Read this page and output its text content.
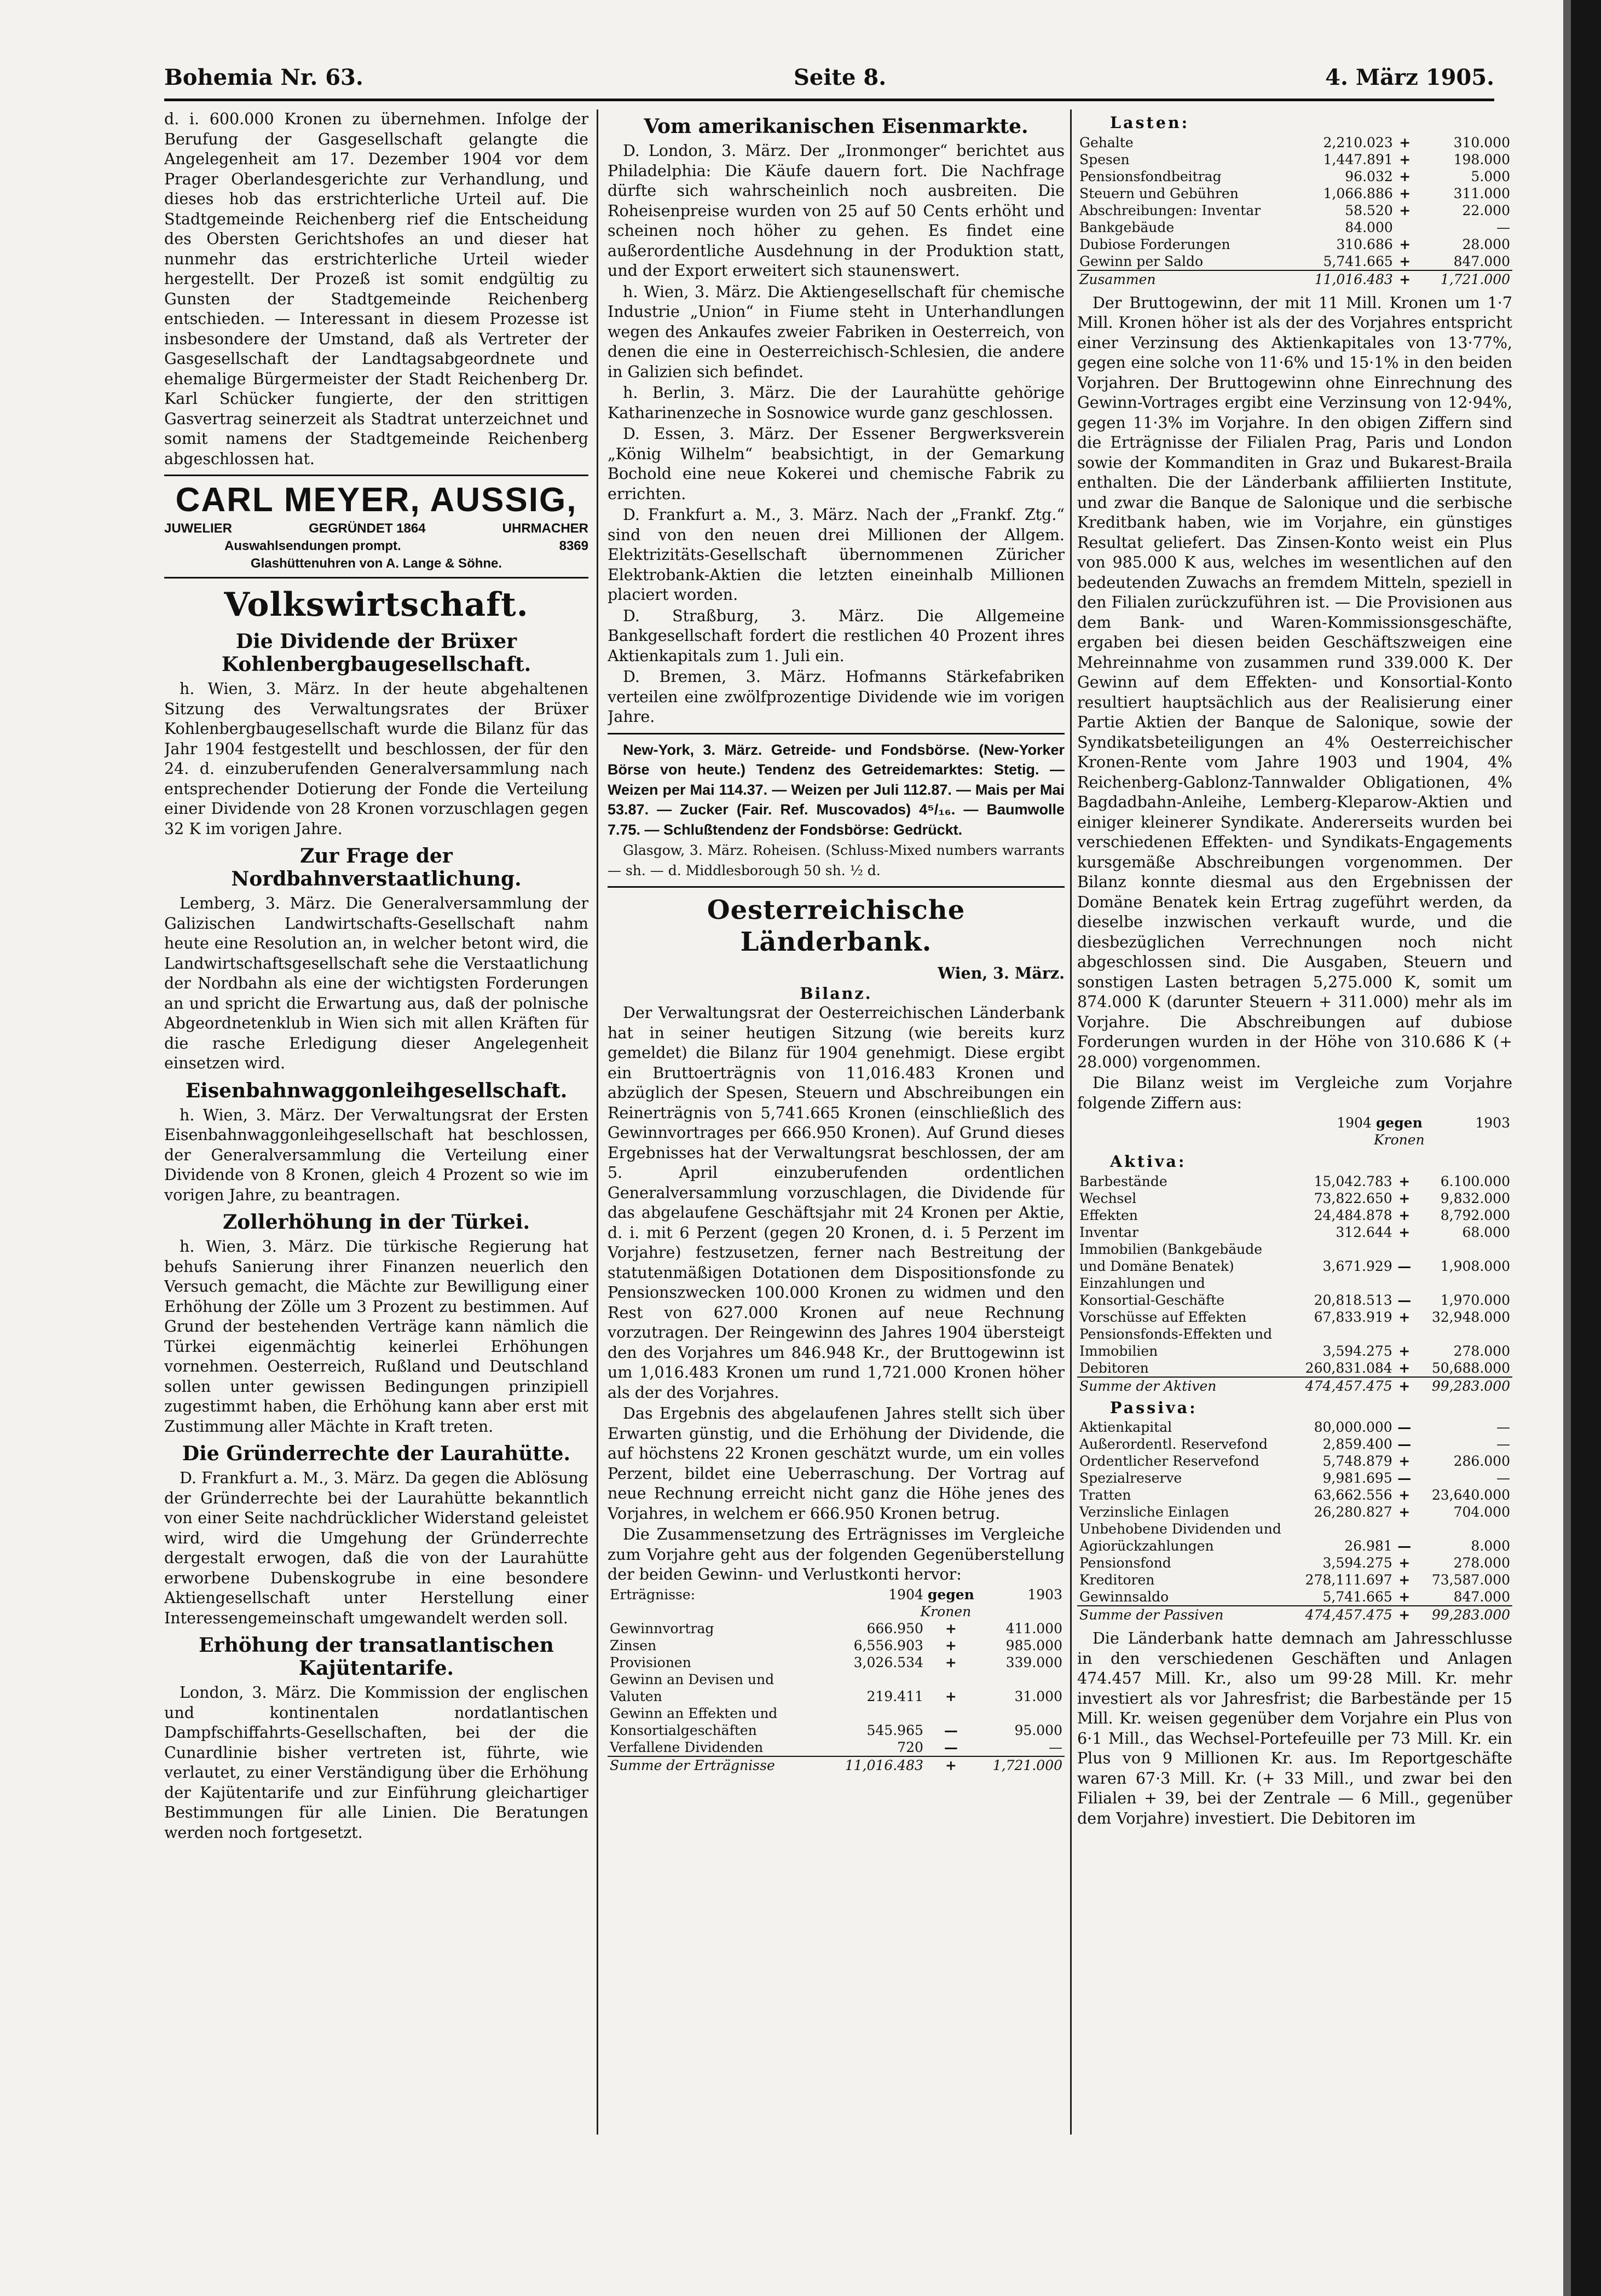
Bohemia Nr. 63.	Seite 8.	4. März 1905.

d. i. 600.000 Kronen zu übernehmen. Infolge der Berufung der Gasgesellschaft gelangte die Angelegenheit am 17. Dezember 1904 vor dem Prager Oberlandesgerichte zur Verhandlung, und dieses hob das erstrichterliche Urteil auf. Die Stadtgemeinde Reichenberg rief die Entscheidung des Obersten Gerichtshofes an und dieser hat nunmehr das erstrichterliche Urteil wieder hergestellt. Der Prozeß ist somit endgültig zu Gunsten der Stadtgemeinde Reichenberg entschieden. — Interessant in diesem Prozesse ist insbesondere der Umstand, daß als Vertreter der Gasgesellschaft der Landtagsabgeordnete und ehemalige Bürgermeister der Stadt Reichenberg Dr. Karl Schücker fungierte, der den strittigen Gasvertrag seinerzeit als Stadtrat unterzeichnet und somit namens der Stadtgemeinde Reichenberg abgeschlossen hat.

CARL MEYER, AUSSIG,
JUWELIER	GEGRÜNDET 1864	UHRMACHER
Auswahlsendungen prompt.	8369
Glashüttenuhren von A. Lange & Söhne.
Volkswirtschaft.
Die Dividende der Brüxer Kohlenbergbaugesellschaft.

h. Wien, 3. März. In der heute abgehaltenen Sitzung des Verwaltungsrates der Brüxer Kohlenbergbaugesellschaft wurde die Bilanz für das Jahr 1904 festgestellt und beschlossen, der für den 24. d. einzuberufenden Generalversammlung nach entsprechender Dotierung der Fonde die Verteilung einer Dividende von 28 Kronen vorzuschlagen gegen 32 K im vorigen Jahre.

Zur Frage der Nordbahnverstaatlichung.

Lemberg, 3. März. Die Generalversammlung der Galizischen Landwirtschafts-Gesellschaft nahm heute eine Resolution an, in welcher betont wird, die Landwirtschaftsgesellschaft sehe die Verstaatlichung der Nordbahn als eine der wichtigsten Forderungen an und spricht die Erwartung aus, daß der polnische Abgeordnetenklub in Wien sich mit allen Kräften für die rasche Erledigung dieser Angelegenheit einsetzen wird.

Eisenbahnwaggonleihgesellschaft.

h. Wien, 3. März. Der Verwaltungsrat der Ersten Eisenbahnwaggonleihgesellschaft hat beschlossen, der Generalversammlung die Verteilung einer Dividende von 8 Kronen, gleich 4 Prozent so wie im vorigen Jahre, zu beantragen.

Zollerhöhung in der Türkei.

h. Wien, 3. März. Die türkische Regierung hat behufs Sanierung ihrer Finanzen neuerlich den Versuch gemacht, die Mächte zur Bewilligung einer Erhöhung der Zölle um 3 Prozent zu bestimmen. Auf Grund der bestehenden Verträge kann nämlich die Türkei eigenmächtig keinerlei Erhöhungen vornehmen. Oesterreich, Rußland und Deutschland sollen unter gewissen Bedingungen prinzipiell zugestimmt haben, die Erhöhung kann aber erst mit Zustimmung aller Mächte in Kraft treten.

Die Gründerrechte der Laurahütte.

D. Frankfurt a. M., 3. März. Da gegen die Ablösung der Gründerrechte bei der Laurahütte bekanntlich von einer Seite nachdrücklicher Widerstand geleistet wird, wird die Umgehung der Gründerrechte dergestalt erwogen, daß die von der Laurahütte erworbene Dubenskogrube in eine besondere Aktiengesellschaft unter Herstellung einer Interessengemeinschaft umgewandelt werden soll.

Erhöhung der transatlantischen Kajütentarife.

London, 3. März. Die Kommission der englischen und kontinentalen nordatlantischen Dampfschiffahrts-Gesellschaften, bei der die Cunardlinie bisher vertreten ist, führte, wie verlautet, zu einer Verständigung über die Erhöhung der Kajütentarife und zur Einführung gleichartiger Bestimmungen für alle Linien. Die Beratungen werden noch fortgesetzt.

Vom amerikanischen Eisenmarkte.

D. London, 3. März. Der „Ironmonger“ berichtet aus Philadelphia: Die Käufe dauern fort. Die Nachfrage dürfte sich wahrscheinlich noch ausbreiten. Die Roheisenpreise wurden von 25 auf 50 Cents erhöht und scheinen noch höher zu gehen. Es findet eine außerordentliche Ausdehnung in der Produktion statt, und der Export erweitert sich staunenswert.

h. Wien, 3. März. Die Aktiengesellschaft für chemische Industrie „Union“ in Fiume steht in Unterhandlungen wegen des Ankaufes zweier Fabriken in Oesterreich, von denen die eine in Oesterreichisch-Schlesien, die andere in Galizien sich befindet.

h. Berlin, 3. März. Die der Laurahütte gehörige Katharinenzeche in Sosnowice wurde ganz geschlossen.

D. Essen, 3. März. Der Essener Bergwerksverein „König Wilhelm“ beabsichtigt, in der Gemarkung Bochold eine neue Kokerei und chemische Fabrik zu errichten.

D. Frankfurt a. M., 3. März. Nach der „Frankf. Ztg.“ sind von den neuen drei Millionen der Allgem. Elektrizitäts-Gesellschaft übernommenen Züricher Elektrobank-Aktien die letzten eineinhalb Millionen placiert worden.

D. Straßburg, 3. März. Die Allgemeine Bankgesellschaft fordert die restlichen 40 Prozent ihres Aktienkapitals zum 1. Juli ein.

D. Bremen, 3. März. Hofmanns Stärkefabriken verteilen eine zwölfprozentige Dividende wie im vorigen Jahre.

New-York, 3. März. Getreide- und Fondsbörse. (New-Yorker Börse von heute.) Tendenz des Getreidemarktes: Stetig. — Weizen per Mai 114.37. — Weizen per Juli 112.87. — Mais per Mai 53.87. — Zucker (Fair. Ref. Muscovados) 4⁵/₁₆. — Baumwolle 7.75. — Schlußtendenz der Fondsbörse: Gedrückt.

Glasgow, 3. März. Roheisen. (Schluss-Mixed numbers warrants — sh. — d. Middlesborough 50 sh. ½ d.

Oesterreichische Länderbank.
Wien, 3. März.
Bilanz.

Der Verwaltungsrat der Oesterreichischen Länderbank hat in seiner heutigen Sitzung (wie bereits kurz gemeldet) die Bilanz für 1904 genehmigt. Diese ergibt ein Bruttoerträgnis von 11,016.483 Kronen und abzüglich der Spesen, Steuern und Abschreibungen ein Reinerträgnis von 5,741.665 Kronen (einschließlich des Gewinnvortrages per 666.950 Kronen). Auf Grund dieses Ergebnisses hat der Verwaltungsrat beschlossen, der am 5. April einzuberufenden ordentlichen Generalversammlung vorzuschlagen, die Dividende für das abgelaufene Geschäftsjahr mit 24 Kronen per Aktie, d. i. mit 6 Perzent (gegen 20 Kronen, d. i. 5 Perzent im Vorjahre) festzusetzen, ferner nach Bestreitung der statutenmäßigen Dotationen dem Dispositionsfonde zu Pensionszwecken 100.000 Kronen zu widmen und den Rest von 627.000 Kronen auf neue Rechnung vorzutragen. Der Reingewinn des Jahres 1904 übersteigt den des Vorjahres um 846.948 Kr., der Bruttogewinn ist um 1,016.483 Kronen um rund 1,721.000 Kronen höher als der des Vorjahres.

Das Ergebnis des abgelaufenen Jahres stellt sich über Erwarten günstig, und die Erhöhung der Dividende, die auf höchstens 22 Kronen geschätzt wurde, um ein volles Perzent, bildet eine Ueberraschung. Der Vortrag auf neue Rechnung erreicht nicht ganz die Höhe jenes des Vorjahres, in welchem er 666.950 Kronen betrug.

Die Zusammensetzung des Erträgnisses im Vergleiche zum Vorjahre geht aus der folgenden Gegenüberstellung der beiden Gewinn- und Verlustkonti hervor:

Erträgnisse:	1904	gegen	1903
	Kronen		
Gewinnvortrag	666.950	+	411.000
Zinsen	6,556.903	+	985.000
Provisionen	3,026.534	+	339.000
Gewinn an Devisen und Valuten	219.411	+	31.000
Gewinn an Effekten und Konsortialgeschäften	545.965	—	95.000
Verfallene Dividenden	720	—	—
Summe der Erträgnisse	11,016.483	+	1,721.000
Lasten:
Gehalte	2,210.023	+	310.000
Spesen	1,447.891	+	198.000
Pensionsfondbeitrag	96.032	+	5.000
Steuern und Gebühren	1,066.886	+	311.000
Abschreibungen: Inventar	58.520	+	22.000
Bankgebäude	84.000		—
Dubiose Forderungen	310.686	+	28.000
Gewinn per Saldo	5,741.665	+	847.000
Zusammen	11,016.483	+	1,721.000

Der Bruttogewinn, der mit 11 Mill. Kronen um 1·7 Mill. Kronen höher ist als der des Vorjahres entspricht einer Verzinsung des Aktienkapitales von 13·77%, gegen eine solche von 11·6% und 15·1% in den beiden Vorjahren. Der Bruttogewinn ohne Einrechnung des Gewinn-Vortrages ergibt eine Verzinsung von 12·94%, gegen 11·3% im Vorjahre. In den obigen Ziffern sind die Erträgnisse der Filialen Prag, Paris und London sowie der Kommanditen in Graz und Bukarest-Braila enthalten. Die der Länderbank affiliierten Institute, und zwar die Banque de Salonique und die serbische Kreditbank haben, wie im Vorjahre, ein günstiges Resultat geliefert. Das Zinsen-Konto weist ein Plus von 985.000 K aus, welches im wesentlichen auf den bedeutenden Zuwachs an fremdem Mitteln, speziell in den Filialen zurückzuführen ist. — Die Provisionen aus dem Bank- und Waren-Kommissionsgeschäfte, ergaben bei diesen beiden Geschäftszweigen eine Mehreinnahme von zusammen rund 339.000 K. Der Gewinn auf dem Effekten- und Konsortial-Konto resultiert hauptsächlich aus der Realisierung einer Partie Aktien der Banque de Salonique, sowie der Syndikatsbeteiligungen an 4% Oesterreichischer Kronen-Rente vom Jahre 1903 und 1904, 4% Reichenberg-Gablonz-Tannwalder Obligationen, 4% Bagdadbahn-Anleihe, Lemberg-Kleparow-Aktien und einiger kleinerer Syndikate. Andererseits wurden bei verschiedenen Effekten- und Syndikats-Engagements kursgemäße Abschreibungen vorgenommen. Der Bilanz konnte diesmal aus den Ergebnissen der Domäne Benatek kein Ertrag zugeführt werden, da dieselbe inzwischen verkauft wurde, und die diesbezüglichen Verrechnungen noch nicht abgeschlossen sind. Die Ausgaben, Steuern und sonstigen Lasten betragen 5,275.000 K, somit um 874.000 K (darunter Steuern + 311.000) mehr als im Vorjahre. Die Abschreibungen auf dubiose Forderungen wurden in der Höhe von 310.686 K (+ 28.000) vorgenommen.

Die Bilanz weist im Vergleiche zum Vorjahre folgende Ziffern aus:

	1904	gegen	1903
	Kronen		
Aktiva:
Barbestände	15,042.783	+	6.100.000
Wechsel	73,822.650	+	9,832.000
Effekten	24,484.878	+	8,792.000
Inventar	312.644	+	68.000
Immobilien (Bankgebäude und Domäne Benatek)	3,671.929	—	1,908.000
Einzahlungen und Konsortial-Geschäfte	20,818.513	—	1,970.000
Vorschüsse auf Effekten	67,833.919	+	32,948.000
Pensionsfonds-Effekten und Immobilien	3,594.275	+	278.000
Debitoren	260,831.084	+	50,688.000
Summe der Aktiven	474,457.475	+	99,283.000
Passiva:
Aktienkapital	80,000.000	—	—
Außerordentl. Reservefond	2,859.400	—	—
Ordentlicher Reservefond	5,748.879	+	286.000
Spezialreserve	9,981.695	—	—
Tratten	63,662.556	+	23,640.000
Verzinsliche Einlagen	26,280.827	+	704.000
Unbehobene Dividenden und Agiorückzahlungen	26.981	—	8.000
Pensionsfond	3,594.275	+	278.000
Kreditoren	278,111.697	+	73,587.000
Gewinnsaldo	5,741.665	+	847.000
Summe der Passiven	474,457.475	+	99,283.000

Die Länderbank hatte demnach am Jahresschlusse in den verschiedenen Geschäften und Anlagen 474.457 Mill. Kr., also um 99·28 Mill. Kr. mehr investiert als vor Jahresfrist; die Barbestände per 15 Mill. Kr. weisen gegenüber dem Vorjahre ein Plus von 6·1 Mill., das Wechsel-Portefeuille per 73 Mill. Kr. ein Plus von 9 Millionen Kr. aus. Im Reportgeschäfte waren 67·3 Mill. Kr. (+ 33 Mill., und zwar bei den Filialen + 39, bei der Zentrale — 6 Mill., gegenüber dem Vorjahre) investiert. Die Debitoren im
